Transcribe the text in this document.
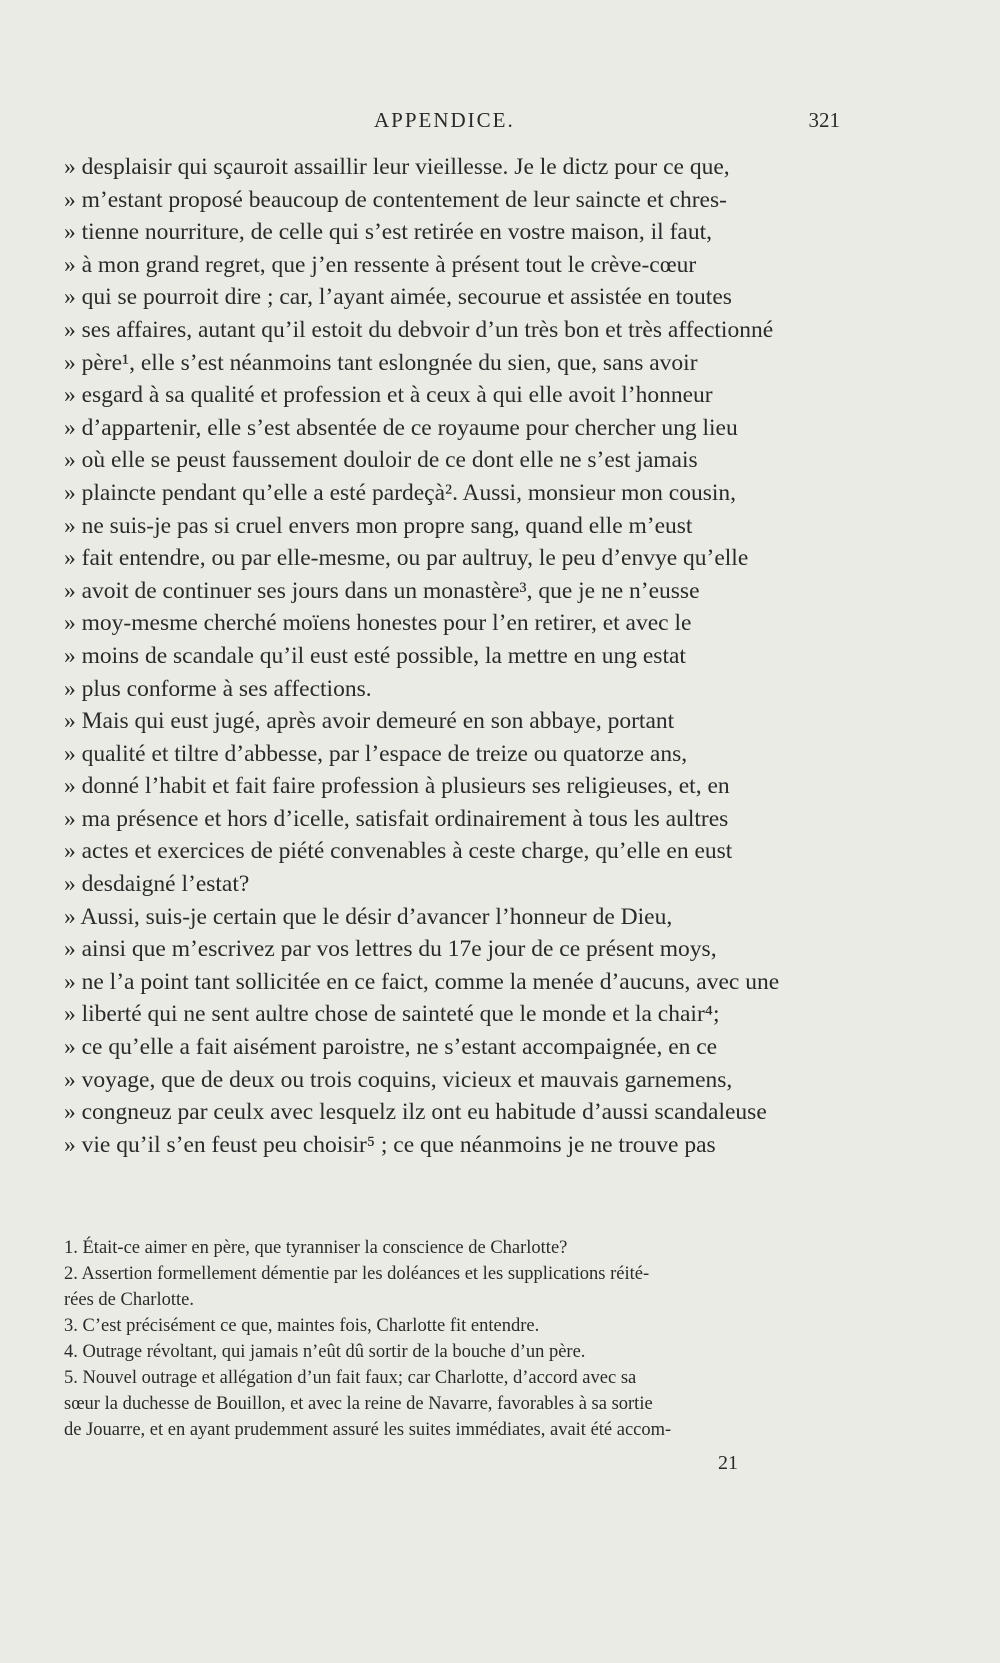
APPENDICE.	321
» desplaisir qui sçauroit assaillir leur vieillesse. Je le dictz pour ce que,
» m’estant proposé beaucoup de contentement de leur saincte et chres-
» tienne nourriture, de celle qui s’est retirée en vostre maison, il faut,
» à mon grand regret, que j’en ressente à présent tout le crève-cœur
» qui se pourroit dire ; car, l’ayant aimée, secourue et assistée en toutes
» ses affaires, autant qu’il estoit du debvoir d’un très bon et très affectionné
» père¹, elle s’est néanmoins tant eslongnée du sien, que, sans avoir
» esgard à sa qualité et profession et à ceux à qui elle avoit l’honneur
» d’appartenir, elle s’est absentée de ce royaume pour chercher ung lieu
» où elle se peust faussement douloir de ce dont elle ne s’est jamais
» plaincte pendant qu’elle a esté pardeçà². Aussi, monsieur mon cousin,
» ne suis-je pas si cruel envers mon propre sang, quand elle m’eust
» fait entendre, ou par elle-mesme, ou par aultruy, le peu d’envye qu’elle
» avoit de continuer ses jours dans un monastère³, que je ne n’eusse
» moy-mesme cherché moïens honestes pour l’en retirer, et avec le
» moins de scandale qu’il eust esté possible, la mettre en ung estat
» plus conforme à ses affections.
» Mais qui eust jugé, après avoir demeuré en son abbaye, portant
» qualité et tiltre d’abbesse, par l’espace de treize ou quatorze ans,
» donné l’habit et fait faire profession à plusieurs ses religieuses, et, en
» ma présence et hors d’icelle, satisfait ordinairement à tous les aultres
» actes et exercices de piété convenables à ceste charge, qu’elle en eust
» desdaigné l’estat?
» Aussi, suis-je certain que le désir d’avancer l’honneur de Dieu,
» ainsi que m’escrivez par vos lettres du 17e jour de ce présent moys,
» ne l’a point tant sollicitée en ce faict, comme la menée d’aucuns, avec une
» liberté qui ne sent aultre chose de sainteté que le monde et la chair⁴;
» ce qu’elle a fait aisément paroistre, ne s’estant accompaignée, en ce
» voyage, que de deux ou trois coquins, vicieux et mauvais garnemens,
» congneuz par ceulx avec lesquelz ilz ont eu habitude d’aussi scandaleuse
» vie qu’il s’en feust peu choisir⁵ ; ce que néanmoins je ne trouve pas
1. Était-ce aimer en père, que tyranniser la conscience de Charlotte?
2. Assertion formellement démentie par les doléances et les supplications réité-
rées de Charlotte.
3. C’est précisément ce que, maintes fois, Charlotte fit entendre.
4. Outrage révoltant, qui jamais n’eût dû sortir de la bouche d’un père.
5. Nouvel outrage et allégation d’un fait faux; car Charlotte, d’accord avec sa
sœur la duchesse de Bouillon, et avec la reine de Navarre, favorables à sa sortie
de Jouarre, et en ayant prudemment assuré les suites immédiates, avait été accom-
21
